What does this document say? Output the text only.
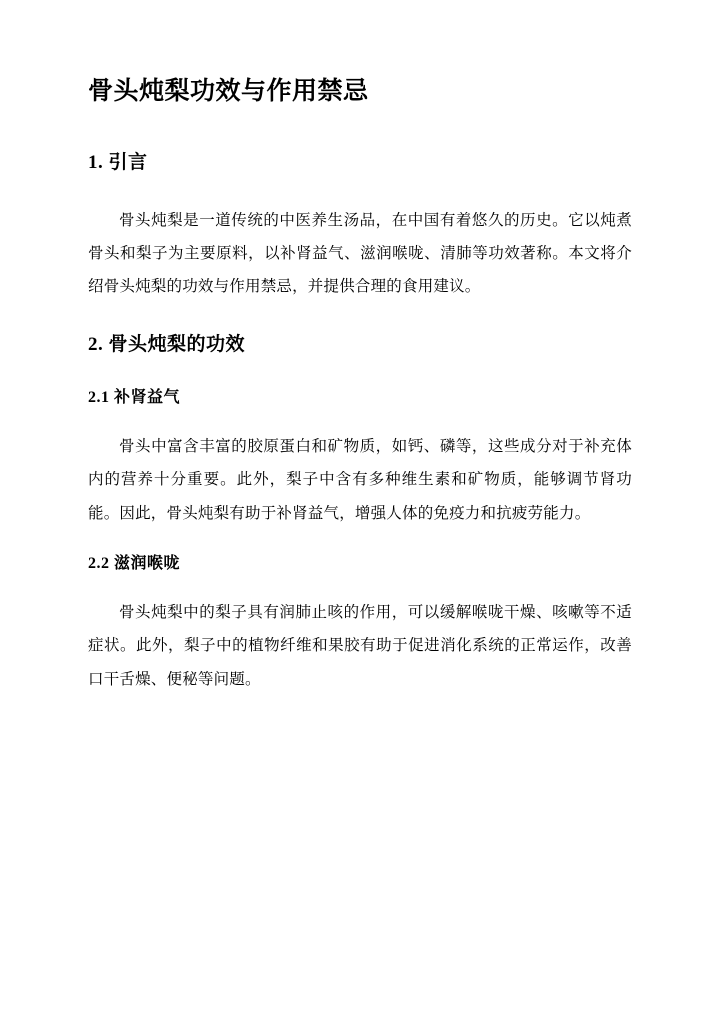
骨头炖梨功效与作用禁忌
1. 引言

骨头炖梨是一道传统的中医养生汤品，在中国有着悠久的历史。它以炖煮骨头和梨子为主要原料，以补肾益气、滋润喉咙、清肺等功效著称。本文将介绍骨头炖梨的功效与作用禁忌，并提供合理的食用建议。

2. 骨头炖梨的功效
2.1 补肾益气

骨头中富含丰富的胶原蛋白和矿物质，如钙、磷等，这些成分对于补充体内的营养十分重要。此外，梨子中含有多种维生素和矿物质，能够调节肾功能。因此，骨头炖梨有助于补肾益气，增强人体的免疫力和抗疲劳能力。

2.2 滋润喉咙

骨头炖梨中的梨子具有润肺止咳的作用，可以缓解喉咙干燥、咳嗽等不适症状。此外，梨子中的植物纤维和果胶有助于促进消化系统的正常运作，改善口干舌燥、便秘等问题。
